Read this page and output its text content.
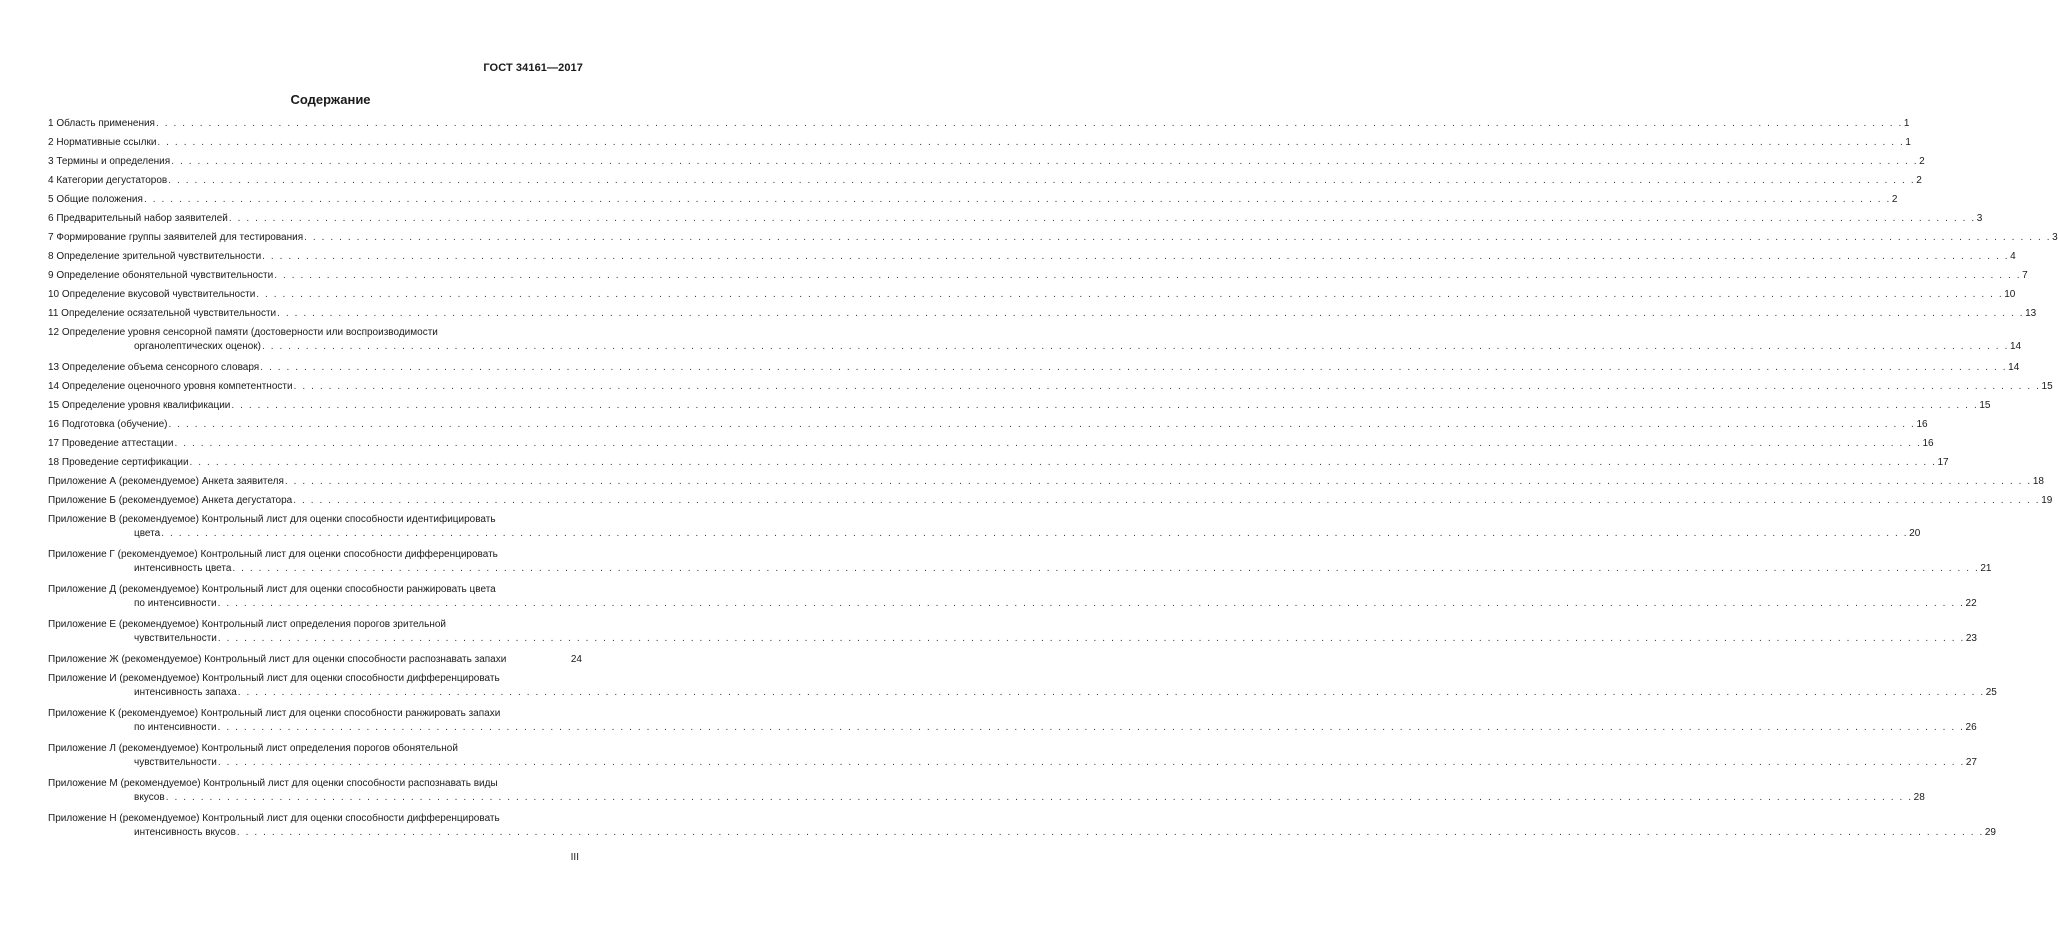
ГОСТ 34161—2017
Содержание
1 Область применения . . . . . . . . . . . . . . . . . . . . . . . . . . . . . . . . . . . . . . . . . . . . . . . . . . . . . . . . . . . . . . . . . . . . . . . . . . . . . . . . . . . . . . . . . . . . . . . . . . . . . . . . . . . . . . . . . . . . . . . . . . . . . . . . . . . . . . . . . . . . . . . . . . . . . . . . . . . . . . . . . . . . . . . . . . . . . . . . . . . . . . . . . . . . . . . . . . . . . . . . 1
2 Нормативные ссылки . . . . . . . . . . . . . . . . . . . . . . . . . . . . . . . . . . . . . . . . . . . . . . . . . . . . . . . . . . . . . . . . . . . . . . . . . . . . . . . . . . . . . . . . . . . . . . . . . . . . . . . . . . . . . . . . . . . . . . . . . . . . . . . . . . . . . . . . . . . . . . . . . . . . . . . . . . . . . . . . . . . . . . . . . . . . . . . . . . . . . . . . . . . . . . . . . . . . . . . . 1
3 Термины и определения . . . . . . . . . . . . . . . . . . . . . . . . . . . . . . . . . . . . . . . . . . . . . . . . . . . . . . . . . . . . . . . . . . . . . . . . . . . . . . . . . . . . . . . . . . . . . . . . . . . . . . . . . . . . . . . . . . . . . . . . . . . . . . . . . . . . . . . . . . . . . . . . . . . . . . . . . . . . . . . . . . . . . . . . . . . . . . . . . . . . . . . . . . . . . . . . . . . . . . . . 2
4 Категории дегустаторов . . . . . . . . . . . . . . . . . . . . . . . . . . . . . . . . . . . . . . . . . . . . . . . . . . . . . . . . . . . . . . . . . . . . . . . . . . . . . . . . . . . . . . . . . . . . . . . . . . . . . . . . . . . . . . . . . . . . . . . . . . . . . . . . . . . . . . . . . . . . . . . . . . . . . . . . . . . . . . . . . . . . . . . . . . . . . . . . . . . . . . . . . . . . . . . . . . . . . . . . 2
5 Общие положения . . . . . . . . . . . . . . . . . . . . . . . . . . . . . . . . . . . . . . . . . . . . . . . . . . . . . . . . . . . . . . . . . . . . . . . . . . . . . . . . . . . . . . . . . . . . . . . . . . . . . . . . . . . . . . . . . . . . . . . . . . . . . . . . . . . . . . . . . . . . . . . . . . . . . . . . . . . . . . . . . . . . . . . . . . . . . . . . . . . . . . . . . . . . . . . . . . . . . . . . 2
6 Предварительный набор заявителей . . . . . . . . . . . . . . . . . . . . . . . . . . . . . . . . . . . . . . . . . . . . . . . . . . . . . . . . . . . . . . . . . . . . . . . . . . . . . . . . . . . . . . . . . . . . . . . . . . . . . . . . . . . . . . . . . . . . . . . . . . . . . . . . . . . . . . . . . . . . . . . . . . . . . . . . . . . . . . . . . . . . . . . . . . . . . . . . . . . . . . . . . . . . . . . . . . . . . . . . 3
7 Формирование группы заявителей для тестирования . . . . . . . . . . . . . . . . . . . . . . . . . . . . . . . . . . . . . . . . . . . . . . . . . . . . . . . . . . . . . . . . . . . . . . . . . . . . . . . . . . . . . . . . . . . . . . . . . . . . . . . . . . . . . . . . . . . . . . . . . . . . . . . . . . . . . . . . . . . . . . . . . . . . . . . . . . . . . . . . . . . . . . . . . . . . . . . . . . . . . . . . . . . . . . . . . . . . . . . . 3
8 Определение зрительной чувствительности . . . . . . . . . . . . . . . . . . . . . . . . . . . . . . . . . . . . . . . . . . . . . . . . . . . . . . . . . . . . . . . . . . . . . . . . . . . . . . . . . . . . . . . . . . . . . . . . . . . . . . . . . . . . . . . . . . . . . . . . . . . . . . . . . . . . . . . . . . . . . . . . . . . . . . . . . . . . . . . . . . . . . . . . . . . . . . . . . . . . . . . . . . . . . . . . . . . . . . . . 4
9 Определение обонятельной чувствительности . . . . . . . . . . . . . . . . . . . . . . . . . . . . . . . . . . . . . . . . . . . . . . . . . . . . . . . . . . . . . . . . . . . . . . . . . . . . . . . . . . . . . . . . . . . . . . . . . . . . . . . . . . . . . . . . . . . . . . . . . . . . . . . . . . . . . . . . . . . . . . . . . . . . . . . . . . . . . . . . . . . . . . . . . . . . . . . . . . . . . . . . . . . . . . . . . . . . . . . . 7
10 Определение вкусовой чувствительности . . . . . . . . . . . . . . . . . . . . . . . . . . . . . . . . . . . . . . . . . . . . . . . . . . . . . . . . . . . . . . . . . . . . . . . . . . . . . . . . . . . . . . . . . . . . . . . . . . . . . . . . . . . . . . . . . . . . . . . . . . . . . . . . . . . . . . . . . . . . . . . . . . . . . . . . . . . . . . . . . . . . . . . . . . . . . . . . . . . . . . . . . . . . . . . . . . . . . . . . 10
11 Определение осязательной чувствительности . . . . . . . . . . . . . . . . . . . . . . . . . . . . . . . . . . . . . . . . . . . . . . . . . . . . . . . . . . . . . . . . . . . . . . . . . . . . . . . . . . . . . . . . . . . . . . . . . . . . . . . . . . . . . . . . . . . . . . . . . . . . . . . . . . . . . . . . . . . . . . . . . . . . . . . . . . . . . . . . . . . . . . . . . . . . . . . . . . . . . . . . . . . . . . . . . . . . . . . . 13
12 Определение уровня сенсорной памяти (достоверности или воспроизводимости
органолептических оценок) . . . . . . . . . . . . . . . . . . . . . . . . . . . . . . . . . . . . . . . . . . . . . . . . . . . . . . . . . . . . . . . . . . . . . . . . . . . . . . . . . . . . . . . . . . . . . . . . . . . . . . . . . . . . . . . . . . . . . . . . . . . . . . . . . . . . . . . . . . . . . . . . . . . . . . . . . . . . . . . . . . . . . . . . . . . . . . . . . . . . . . . . . . . . . . . . . . . . . . . . 14
13 Определение объема сенсорного словаря . . . . . . . . . . . . . . . . . . . . . . . . . . . . . . . . . . . . . . . . . . . . . . . . . . . . . . . . . . . . . . . . . . . . . . . . . . . . . . . . . . . . . . . . . . . . . . . . . . . . . . . . . . . . . . . . . . . . . . . . . . . . . . . . . . . . . . . . . . . . . . . . . . . . . . . . . . . . . . . . . . . . . . . . . . . . . . . . . . . . . . . . . . . . . . . . . . . . . . . . 14
14 Определение оценочного уровня компетентности . . . . . . . . . . . . . . . . . . . . . . . . . . . . . . . . . . . . . . . . . . . . . . . . . . . . . . . . . . . . . . . . . . . . . . . . . . . . . . . . . . . . . . . . . . . . . . . . . . . . . . . . . . . . . . . . . . . . . . . . . . . . . . . . . . . . . . . . . . . . . . . . . . . . . . . . . . . . . . . . . . . . . . . . . . . . . . . . . . . . . . . . . . . . . . . . . . . . . . . . 15
15 Определение уровня квалификации . . . . . . . . . . . . . . . . . . . . . . . . . . . . . . . . . . . . . . . . . . . . . . . . . . . . . . . . . . . . . . . . . . . . . . . . . . . . . . . . . . . . . . . . . . . . . . . . . . . . . . . . . . . . . . . . . . . . . . . . . . . . . . . . . . . . . . . . . . . . . . . . . . . . . . . . . . . . . . . . . . . . . . . . . . . . . . . . . . . . . . . . . . . . . . . . . . . . . . . . 15
16 Подготовка (обучение) . . . . . . . . . . . . . . . . . . . . . . . . . . . . . . . . . . . . . . . . . . . . . . . . . . . . . . . . . . . . . . . . . . . . . . . . . . . . . . . . . . . . . . . . . . . . . . . . . . . . . . . . . . . . . . . . . . . . . . . . . . . . . . . . . . . . . . . . . . . . . . . . . . . . . . . . . . . . . . . . . . . . . . . . . . . . . . . . . . . . . . . . . . . . . . . . . . . . . . . . 16
17 Проведение аттестации . . . . . . . . . . . . . . . . . . . . . . . . . . . . . . . . . . . . . . . . . . . . . . . . . . . . . . . . . . . . . . . . . . . . . . . . . . . . . . . . . . . . . . . . . . . . . . . . . . . . . . . . . . . . . . . . . . . . . . . . . . . . . . . . . . . . . . . . . . . . . . . . . . . . . . . . . . . . . . . . . . . . . . . . . . . . . . . . . . . . . . . . . . . . . . . . . . . . . . . . 16
18 Проведение сертификации . . . . . . . . . . . . . . . . . . . . . . . . . . . . . . . . . . . . . . . . . . . . . . . . . . . . . . . . . . . . . . . . . . . . . . . . . . . . . . . . . . . . . . . . . . . . . . . . . . . . . . . . . . . . . . . . . . . . . . . . . . . . . . . . . . . . . . . . . . . . . . . . . . . . . . . . . . . . . . . . . . . . . . . . . . . . . . . . . . . . . . . . . . . . . . . . . . . . . . . . 17
Приложение А (рекомендуемое) Анкета заявителя . . . . . . . . . . . . . . . . . . . . . . . . . . . . . . . . . . . . . . . . . . . . . . . . . . . . . . . . . . . . . . . . . . . . . . . . . . . . . . . . . . . . . . . . . . . . . . . . . . . . . . . . . . . . . . . . . . . . . . . . . . . . . . . . . . . . . . . . . . . . . . . . . . . . . . . . . . . . . . . . . . . . . . . . . . . . . . . . . . . . . . . . . . . . . . . . . . . . . . . . 18
Приложение Б (рекомендуемое) Анкета дегустатора . . . . . . . . . . . . . . . . . . . . . . . . . . . . . . . . . . . . . . . . . . . . . . . . . . . . . . . . . . . . . . . . . . . . . . . . . . . . . . . . . . . . . . . . . . . . . . . . . . . . . . . . . . . . . . . . . . . . . . . . . . . . . . . . . . . . . . . . . . . . . . . . . . . . . . . . . . . . . . . . . . . . . . . . . . . . . . . . . . . . . . . . . . . . . . . . . . . . . . . . 19
Приложение В (рекомендуемое) Контрольный лист для оценки способности идентифицировать
цвета . . . . . . . . . . . . . . . . . . . . . . . . . . . . . . . . . . . . . . . . . . . . . . . . . . . . . . . . . . . . . . . . . . . . . . . . . . . . . . . . . . . . . . . . . . . . . . . . . . . . . . . . . . . . . . . . . . . . . . . . . . . . . . . . . . . . . . . . . . . . . . . . . . . . . . . . . . . . . . . . . . . . . . . . . . . . . . . . . . . . . . . . . . . . . . . . . . . . . . . . 20
Приложение Г (рекомендуемое) Контрольный лист для оценки способности дифференцировать
интенсивность цвета . . . . . . . . . . . . . . . . . . . . . . . . . . . . . . . . . . . . . . . . . . . . . . . . . . . . . . . . . . . . . . . . . . . . . . . . . . . . . . . . . . . . . . . . . . . . . . . . . . . . . . . . . . . . . . . . . . . . . . . . . . . . . . . . . . . . . . . . . . . . . . . . . . . . . . . . . . . . . . . . . . . . . . . . . . . . . . . . . . . . . . . . . . . . . . . . . . . . . . . . 21
Приложение Д (рекомендуемое) Контрольный лист для оценки способности ранжировать цвета
по интенсивности . . . . . . . . . . . . . . . . . . . . . . . . . . . . . . . . . . . . . . . . . . . . . . . . . . . . . . . . . . . . . . . . . . . . . . . . . . . . . . . . . . . . . . . . . . . . . . . . . . . . . . . . . . . . . . . . . . . . . . . . . . . . . . . . . . . . . . . . . . . . . . . . . . . . . . . . . . . . . . . . . . . . . . . . . . . . . . . . . . . . . . . . . . . . . . . . . . . . . . . . 22
Приложение Е (рекомендуемое) Контрольный лист определения порогов зрительной
чувствительности . . . . . . . . . . . . . . . . . . . . . . . . . . . . . . . . . . . . . . . . . . . . . . . . . . . . . . . . . . . . . . . . . . . . . . . . . . . . . . . . . . . . . . . . . . . . . . . . . . . . . . . . . . . . . . . . . . . . . . . . . . . . . . . . . . . . . . . . . . . . . . . . . . . . . . . . . . . . . . . . . . . . . . . . . . . . . . . . . . . . . . . . . . . . . . . . . . . . . . . . 23
Приложение Ж (рекомендуемое) Контрольный лист для оценки способности распознавать запахи	24
Приложение И (рекомендуемое) Контрольный лист для оценки способности дифференцировать
интенсивность запаха . . . . . . . . . . . . . . . . . . . . . . . . . . . . . . . . . . . . . . . . . . . . . . . . . . . . . . . . . . . . . . . . . . . . . . . . . . . . . . . . . . . . . . . . . . . . . . . . . . . . . . . . . . . . . . . . . . . . . . . . . . . . . . . . . . . . . . . . . . . . . . . . . . . . . . . . . . . . . . . . . . . . . . . . . . . . . . . . . . . . . . . . . . . . . . . . . . . . . . . . 25
Приложение К (рекомендуемое) Контрольный лист для оценки способности ранжировать запахи
по интенсивности . . . . . . . . . . . . . . . . . . . . . . . . . . . . . . . . . . . . . . . . . . . . . . . . . . . . . . . . . . . . . . . . . . . . . . . . . . . . . . . . . . . . . . . . . . . . . . . . . . . . . . . . . . . . . . . . . . . . . . . . . . . . . . . . . . . . . . . . . . . . . . . . . . . . . . . . . . . . . . . . . . . . . . . . . . . . . . . . . . . . . . . . . . . . . . . . . . . . . . . . 26
Приложение Л (рекомендуемое) Контрольный лист определения порогов обонятельной
чувствительности . . . . . . . . . . . . . . . . . . . . . . . . . . . . . . . . . . . . . . . . . . . . . . . . . . . . . . . . . . . . . . . . . . . . . . . . . . . . . . . . . . . . . . . . . . . . . . . . . . . . . . . . . . . . . . . . . . . . . . . . . . . . . . . . . . . . . . . . . . . . . . . . . . . . . . . . . . . . . . . . . . . . . . . . . . . . . . . . . . . . . . . . . . . . . . . . . . . . . . . . 27
Приложение М (рекомендуемое) Контрольный лист для оценки способности распознавать виды
вкусов . . . . . . . . . . . . . . . . . . . . . . . . . . . . . . . . . . . . . . . . . . . . . . . . . . . . . . . . . . . . . . . . . . . . . . . . . . . . . . . . . . . . . . . . . . . . . . . . . . . . . . . . . . . . . . . . . . . . . . . . . . . . . . . . . . . . . . . . . . . . . . . . . . . . . . . . . . . . . . . . . . . . . . . . . . . . . . . . . . . . . . . . . . . . . . . . . . . . . . . . 28
Приложение Н (рекомендуемое) Контрольный лист для оценки способности дифференцировать
интенсивность вкусов . . . . . . . . . . . . . . . . . . . . . . . . . . . . . . . . . . . . . . . . . . . . . . . . . . . . . . . . . . . . . . . . . . . . . . . . . . . . . . . . . . . . . . . . . . . . . . . . . . . . . . . . . . . . . . . . . . . . . . . . . . . . . . . . . . . . . . . . . . . . . . . . . . . . . . . . . . . . . . . . . . . . . . . . . . . . . . . . . . . . . . . . . . . . . . . . . . . . . . . . 29
III
